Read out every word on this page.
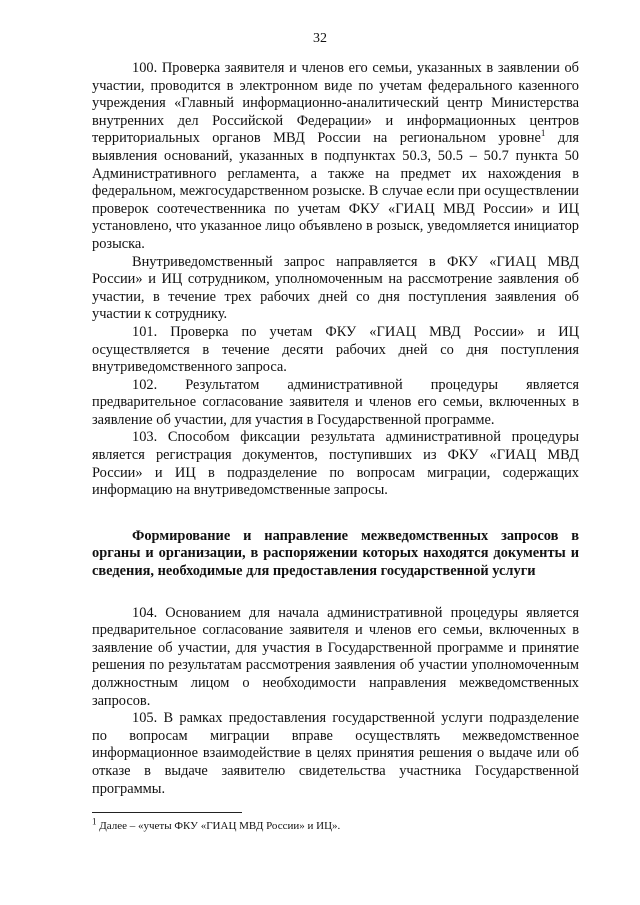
32

100. Проверка заявителя и членов его семьи, указанных в заявлении об участии, проводится в электронном виде по учетам федерального казенного учреждения «Главный информационно-аналитический центр Министерства внутренних дел Российской Федерации» и информационных центров территориальных органов МВД России на региональном уровне$^1$ для выявления оснований, указанных в подпунктах 50.3, 50.5 – 50.7 пункта 50 Административного регламента, а также на предмет их нахождения в федеральном, межгосударственном розыске. В случае если при осуществлении проверок соотечественника по учетам ФКУ «ГИАЦ МВД России» и ИЦ установлено, что указанное лицо объявлено в розыск, уведомляется инициатор розыска.

Внутриведомственный запрос направляется в ФКУ «ГИАЦ МВД России» и ИЦ сотрудником, уполномоченным на рассмотрение заявления об участии, в течение трех рабочих дней со дня поступления заявления об участии к сотруднику.

101. Проверка по учетам ФКУ «ГИАЦ МВД России» и ИЦ осуществляется в течение десяти рабочих дней со дня поступления внутриведомственного запроса.

102. Результатом административной процедуры является предварительное согласование заявителя и членов его семьи, включенных в заявление об участии, для участия в Государственной программе.

103. Способом фиксации результата административной процедуры является регистрация документов, поступивших из ФКУ «ГИАЦ МВД России» и ИЦ в подразделение по вопросам миграции, содержащих информацию на внутриведомственные запросы.

Формирование и направление межведомственных запросов в органы и организации, в распоряжении которых находятся документы и сведения, необходимые для предоставления государственной услуги

104. Основанием для начала административной процедуры является предварительное согласование заявителя и членов его семьи, включенных в заявление об участии, для участия в Государственной программе и принятие решения по результатам рассмотрения заявления об участии уполномоченным должностным лицом о необходимости направления межведомственных запросов.

105. В рамках предоставления государственной услуги подразделение по вопросам миграции вправе осуществлять межведомственное информационное взаимодействие в целях принятия решения о выдаче или об отказе в выдаче заявителю свидетельства участника Государственной программы.

$^1$ Далее – «учеты ФКУ «ГИАЦ МВД России» и ИЦ».
